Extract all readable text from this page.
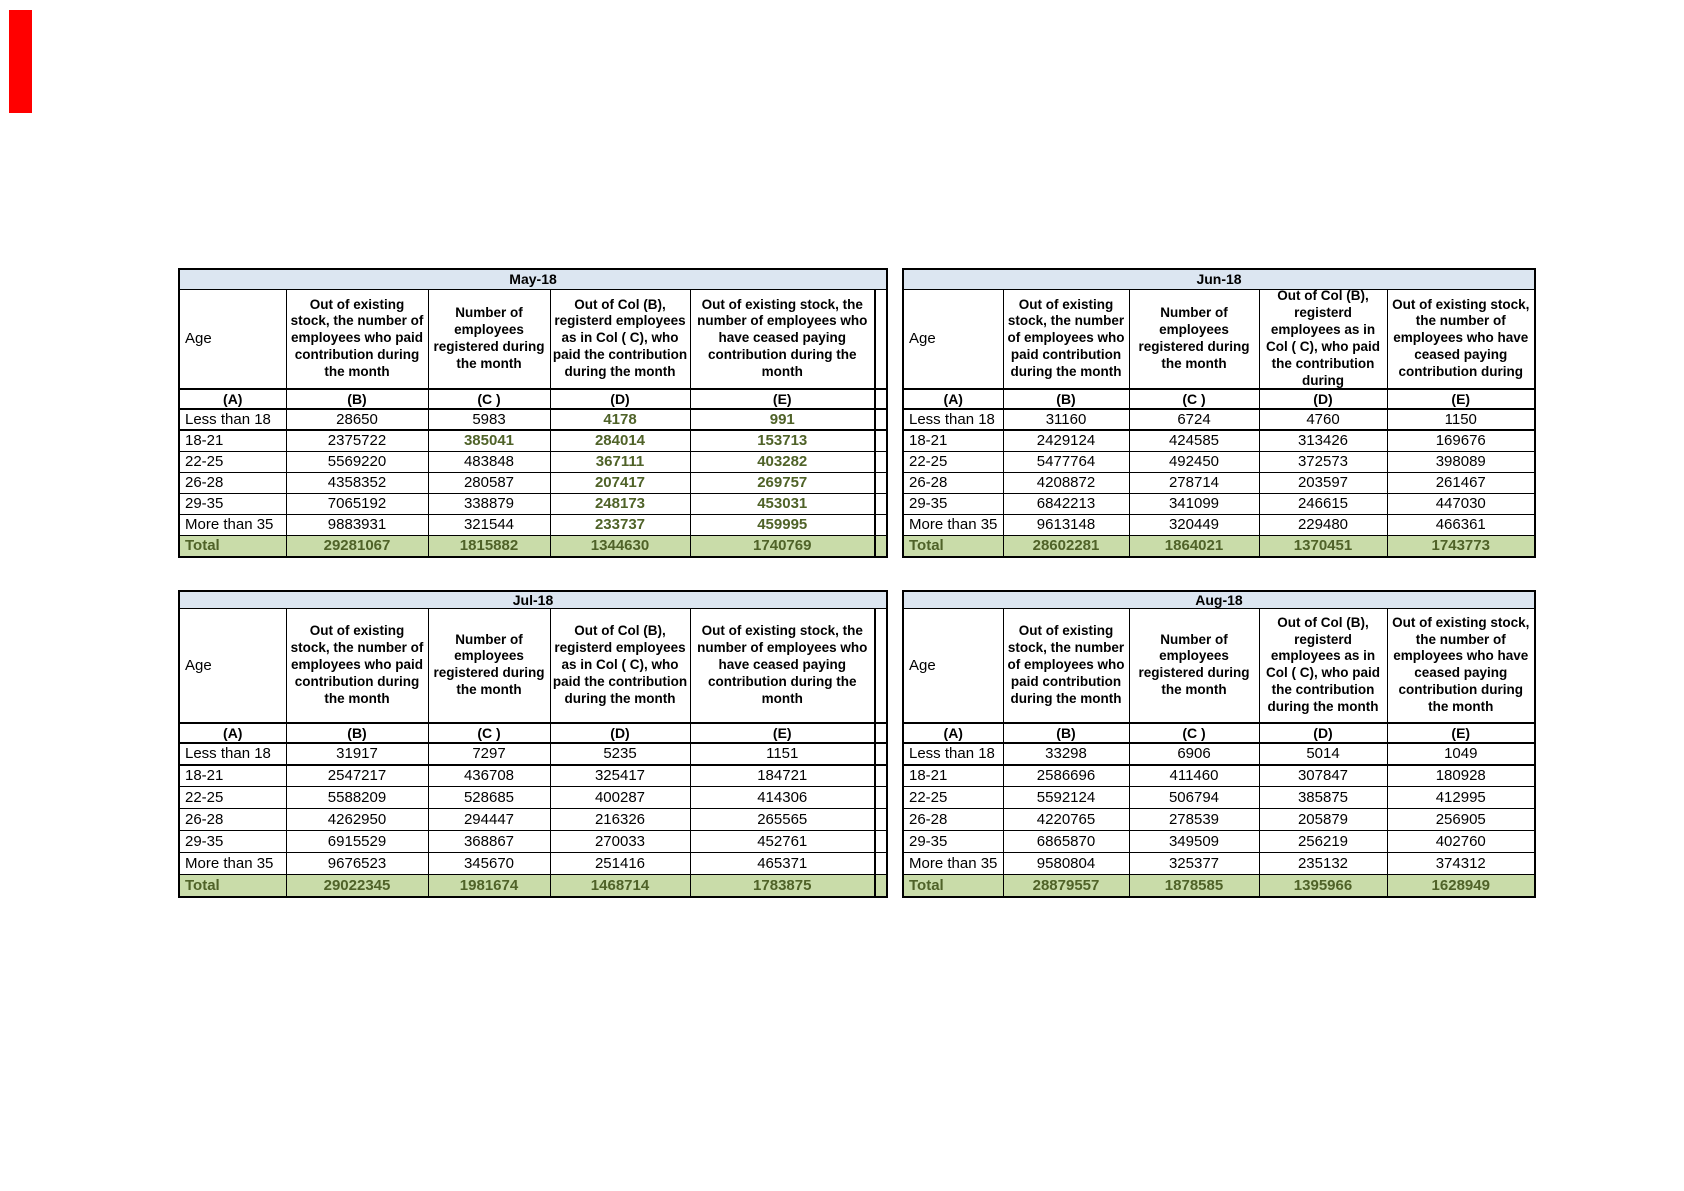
May-18					
Age	Out of existing stock, the number of employees who paid contribution during the month	Number of employees registered during the month	Out of Col (B), registerd employees as in Col ( C), who paid the contribution during the month	Out of existing stock, the number of employees who have ceased paying contribution during the month	

(A)	(B)	(C )	(D)	(E)	
Less than 18	28650	5983	4178	991	
18-21	2375722	385041	284014	153713	
22-25	5569220	483848	367111	403282	
26-28	4358352	280587	207417	269757	
29-35	7065192	338879	248173	453031	
More than 35	9883931	321544	233737	459995	
Total	29281067	1815882	1344630	1740769	
Jun-18				
Age	Out of existing stock, the number of employees who paid contribution during the month	Number of employees registered during the month	Out of Col (B), registerd employees as in Col ( C), who paid the contribution during	Out of existing stock, the number of employees who have ceased paying contribution during

(A)	(B)	(C )	(D)	(E)
Less than 18	31160	6724	4760	1150
18-21	2429124	424585	313426	169676
22-25	5477764	492450	372573	398089
26-28	4208872	278714	203597	261467
29-35	6842213	341099	246615	447030
More than 35	9613148	320449	229480	466361
Total	28602281	1864021	1370451	1743773
Jul-18					
Age	Out of existing stock, the number of employees who paid contribution during the month	Number of employees registered during the month	Out of Col (B), registerd employees as in Col ( C), who paid the contribution during the month	Out of existing stock, the number of employees who have ceased paying contribution during the month	

(A)	(B)	(C )	(D)	(E)	
Less than 18	31917	7297	5235	1151	
18-21	2547217	436708	325417	184721	
22-25	5588209	528685	400287	414306	
26-28	4262950	294447	216326	265565	
29-35	6915529	368867	270033	452761	
More than 35	9676523	345670	251416	465371	
Total	29022345	1981674	1468714	1783875	
Aug-18				
Age	Out of existing stock, the number of employees who paid contribution during the month	Number of employees registered during the month	Out of Col (B), registerd employees as in Col ( C), who paid the contribution during the month	Out of existing stock, the number of employees who have ceased paying contribution during the month

(A)	(B)	(C )	(D)	(E)
Less than 18	33298	6906	5014	1049
18-21	2586696	411460	307847	180928
22-25	5592124	506794	385875	412995
26-28	4220765	278539	205879	256905
29-35	6865870	349509	256219	402760
More than 35	9580804	325377	235132	374312
Total	28879557	1878585	1395966	1628949
